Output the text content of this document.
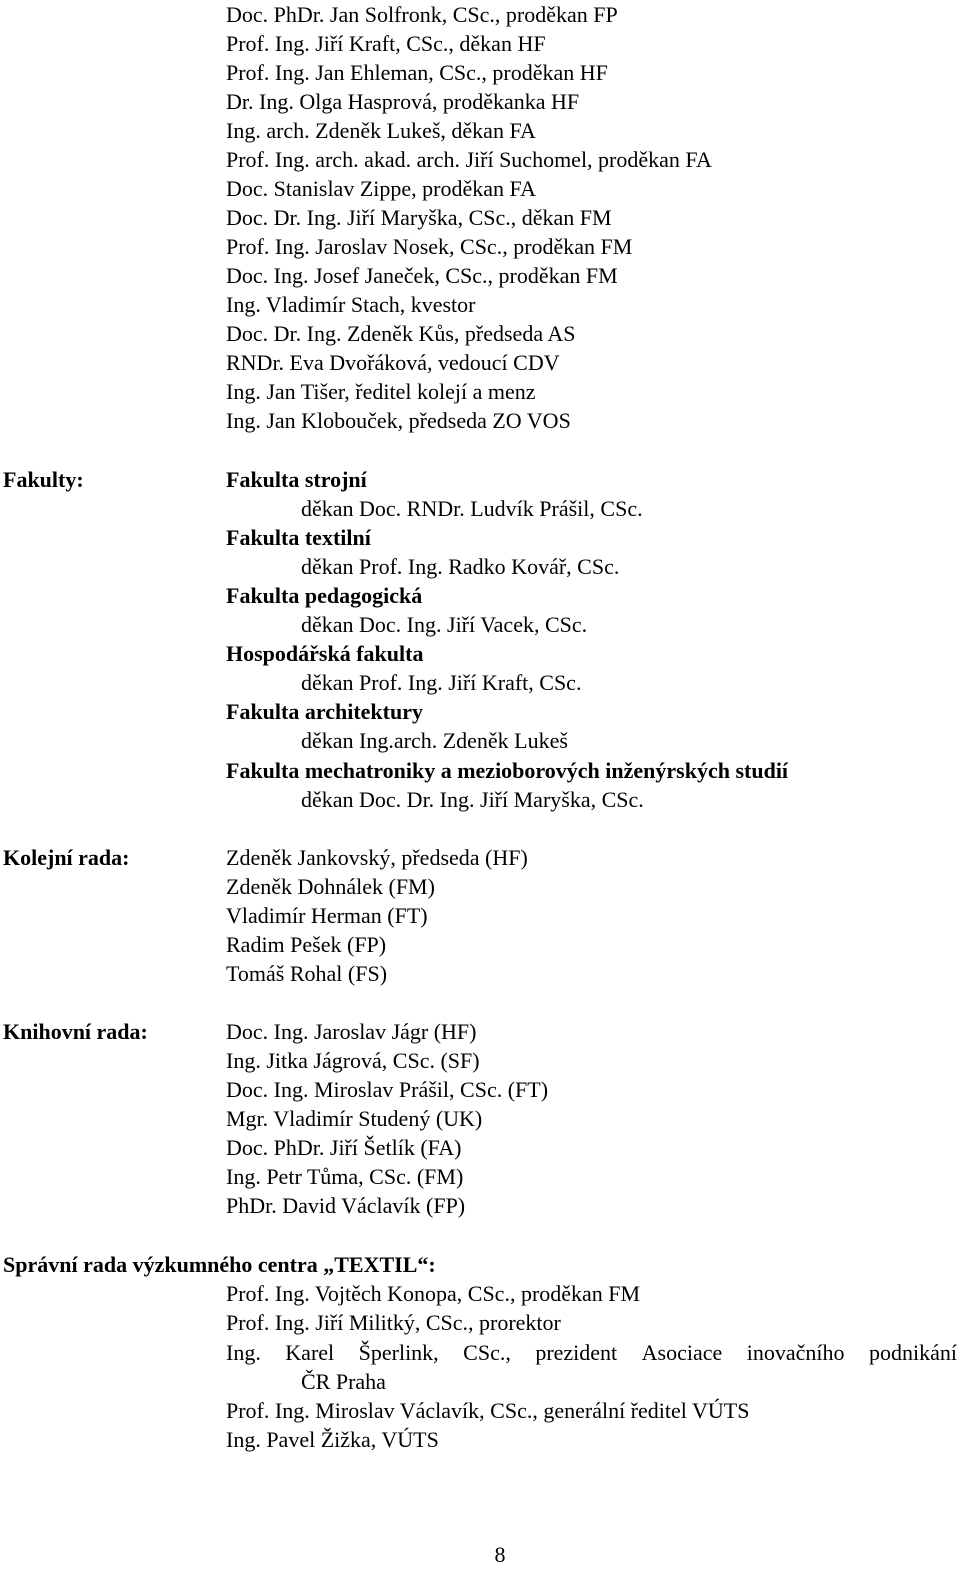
Doc. PhDr. Jan Solfronk, CSc., proděkan FP
Prof. Ing. Jiří Kraft, CSc., děkan HF
Prof. Ing. Jan Ehleman, CSc., proděkan HF
Dr. Ing. Olga Hasprová, proděkanka HF
Ing. arch. Zdeněk Lukeš, děkan FA
Prof. Ing. arch. akad. arch. Jiří Suchomel, proděkan FA
Doc. Stanislav Zippe, proděkan FA
Doc. Dr. Ing. Jiří Maryška, CSc., děkan FM
Prof. Ing. Jaroslav Nosek, CSc., proděkan FM
Doc. Ing. Josef Janeček, CSc., proděkan FM
Ing. Vladimír Stach, kvestor
Doc. Dr. Ing. Zdeněk Kůs, předseda AS
RNDr. Eva Dvořáková, vedoucí CDV
Ing. Jan Tišer, ředitel kolejí a menz
Ing. Jan Klobouček, předseda ZO VOS
Fakulty:	Fakulta strojní
děkan Doc. RNDr. Ludvík Prášil, CSc.
Fakulta textilní
děkan Prof. Ing. Radko Kovář, CSc.
Fakulta pedagogická
děkan Doc. Ing. Jiří Vacek, CSc.
Hospodářská fakulta
děkan Prof. Ing. Jiří Kraft, CSc.
Fakulta architektury
děkan Ing.arch. Zdeněk Lukeš
Fakulta mechatroniky a mezioborových inženýrských studií
děkan Doc. Dr. Ing. Jiří Maryška, CSc.
Kolejní rada:	Zdeněk Jankovský, předseda (HF)
Zdeněk Dohnálek (FM)
Vladimír Herman (FT)
Radim Pešek (FP)
Tomáš Rohal (FS)
Knihovní rada:	Doc. Ing. Jaroslav Jágr (HF)
Ing. Jitka Jágrová, CSc. (SF)
Doc. Ing. Miroslav Prášil, CSc. (FT)
Mgr. Vladimír Studený (UK)
Doc. PhDr. Jiří Šetlík (FA)
Ing. Petr Tůma, CSc. (FM)
PhDr. David Václavík (FP)
Správní rada výzkumného centra „TEXTIL“:
Prof. Ing. Vojtěch Konopa, CSc., proděkan FM
Prof. Ing. Jiří Militký, CSc., prorektor
Ing. Karel Šperlink, CSc., prezident Asociace inovačního podnikání
ČR Praha
Prof. Ing. Miroslav Václavík, CSc., generální ředitel VÚTS
Ing. Pavel Žižka, VÚTS
8
